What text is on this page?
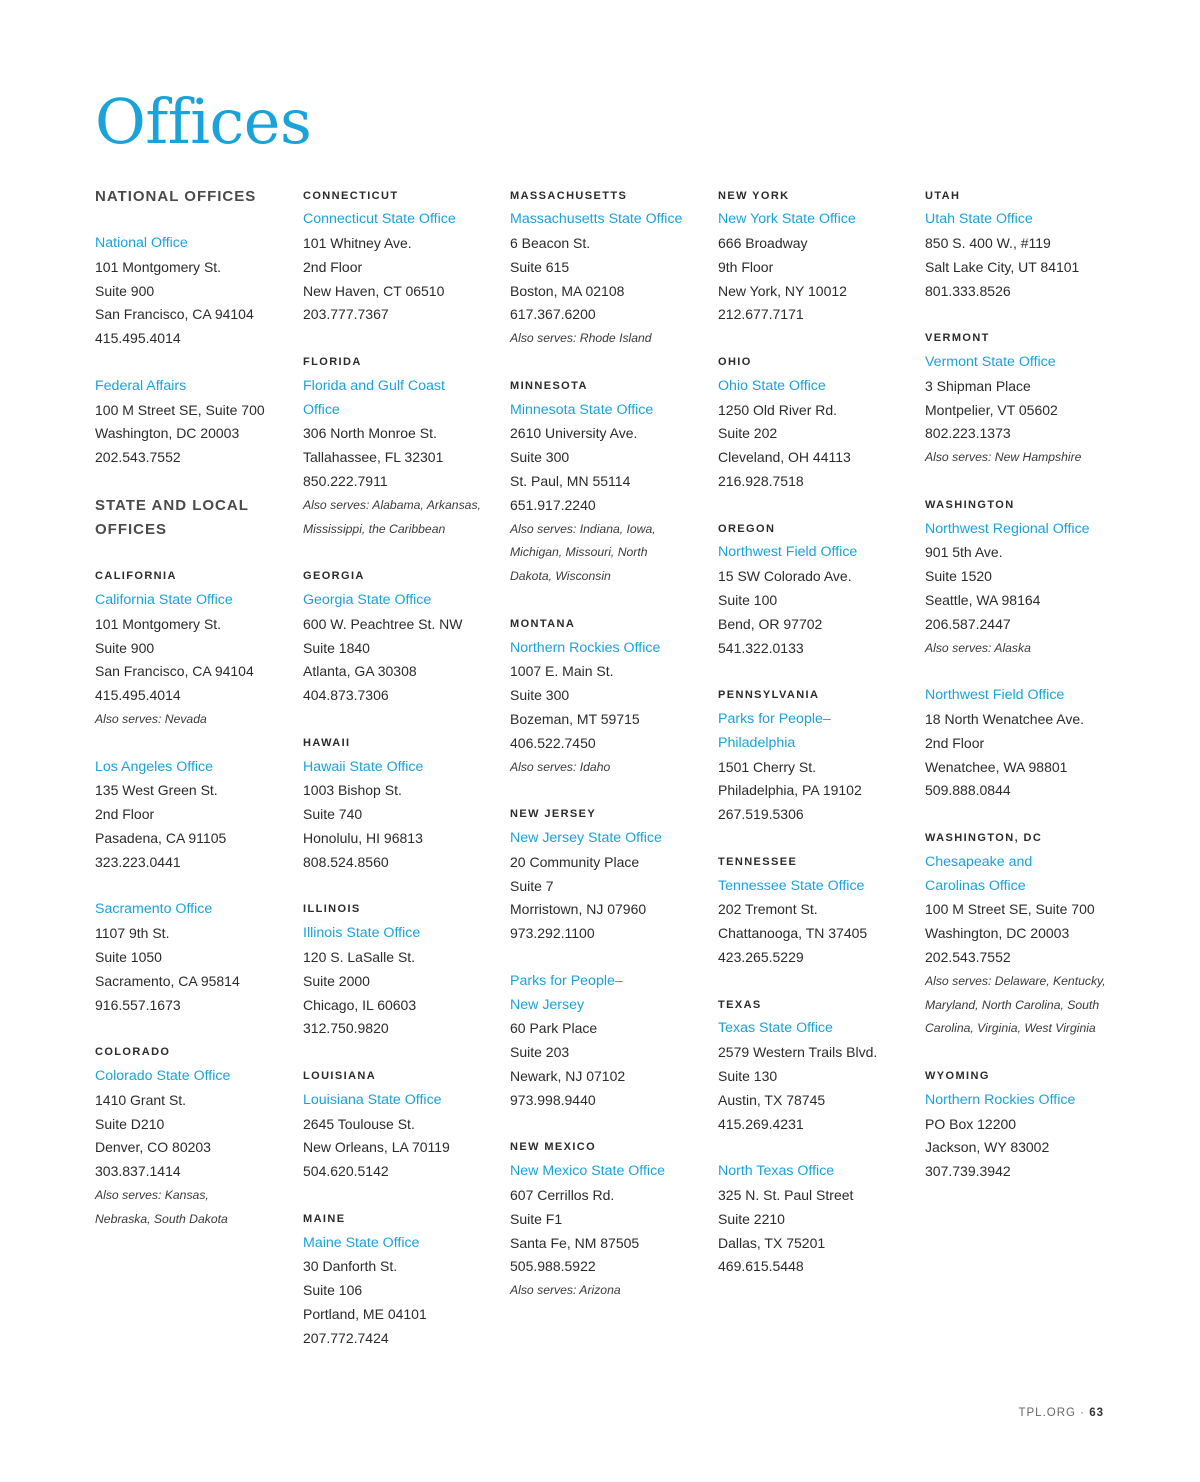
Offices
NATIONAL OFFICES
National Office
101 Montgomery St.
Suite 900
San Francisco, CA 94104
415.495.4014
Federal Affairs
100 M Street SE, Suite 700
Washington, DC 20003
202.543.7552
STATE AND LOCAL
OFFICES
CALIFORNIA
California State Office
101 Montgomery St.
Suite 900
San Francisco, CA 94104
415.495.4014
Also serves: Nevada
Los Angeles Office
135 West Green St.
2nd Floor
Pasadena, CA 91105
323.223.0441
Sacramento Office
1107 9th St.
Suite 1050
Sacramento, CA 95814
916.557.1673
COLORADO
Colorado State Office
1410 Grant St.
Suite D210
Denver, CO 80203
303.837.1414
Also serves: Kansas,
Nebraska, South Dakota
CONNECTICUT
Connecticut State Office
101 Whitney Ave.
2nd Floor
New Haven, CT 06510
203.777.7367
FLORIDA
Florida and Gulf Coast
Office
306 North Monroe St.
Tallahassee, FL 32301
850.222.7911
Also serves: Alabama, Arkansas,
Mississippi, the Caribbean
GEORGIA
Georgia State Office
600 W. Peachtree St. NW
Suite 1840
Atlanta, GA 30308
404.873.7306
HAWAII
Hawaii State Office
1003 Bishop St.
Suite 740
Honolulu, HI 96813
808.524.8560
ILLINOIS
Illinois State Office
120 S. LaSalle St.
Suite 2000
Chicago, IL 60603
312.750.9820
LOUISIANA
Louisiana State Office
2645 Toulouse St.
New Orleans, LA 70119
504.620.5142
MAINE
Maine State Office
30 Danforth St.
Suite 106
Portland, ME 04101
207.772.7424
MASSACHUSETTS
Massachusetts State Office
6 Beacon St.
Suite 615
Boston, MA 02108
617.367.6200
Also serves: Rhode Island
MINNESOTA
Minnesota State Office
2610 University Ave.
Suite 300
St. Paul, MN 55114
651.917.2240
Also serves: Indiana, Iowa,
Michigan, Missouri, North
Dakota, Wisconsin
MONTANA
Northern Rockies Office
1007 E. Main St.
Suite 300
Bozeman, MT 59715
406.522.7450
Also serves: Idaho
NEW JERSEY
New Jersey State Office
20 Community Place
Suite 7
Morristown, NJ 07960
973.292.1100
Parks for People–
New Jersey
60 Park Place
Suite 203
Newark, NJ 07102
973.998.9440
NEW MEXICO
New Mexico State Office
607 Cerrillos Rd.
Suite F1
Santa Fe, NM 87505
505.988.5922
Also serves: Arizona
NEW YORK
New York State Office
666 Broadway
9th Floor
New York, NY 10012
212.677.7171
OHIO
Ohio State Office
1250 Old River Rd.
Suite 202
Cleveland, OH 44113
216.928.7518
OREGON
Northwest Field Office
15 SW Colorado Ave.
Suite 100
Bend, OR 97702
541.322.0133
PENNSYLVANIA
Parks for People–
Philadelphia
1501 Cherry St.
Philadelphia, PA 19102
267.519.5306
TENNESSEE
Tennessee State Office
202 Tremont St.
Chattanooga, TN 37405
423.265.5229
TEXAS
Texas State Office
2579 Western Trails Blvd.
Suite 130
Austin, TX 78745
415.269.4231
North Texas Office
325 N. St. Paul Street
Suite 2210
Dallas, TX 75201
469.615.5448
UTAH
Utah State Office
850 S. 400 W., #119
Salt Lake City, UT 84101
801.333.8526
VERMONT
Vermont State Office
3 Shipman Place
Montpelier, VT 05602
802.223.1373
Also serves: New Hampshire
WASHINGTON
Northwest Regional Office
901 5th Ave.
Suite 1520
Seattle, WA 98164
206.587.2447
Also serves: Alaska
Northwest Field Office
18 North Wenatchee Ave.
2nd Floor
Wenatchee, WA 98801
509.888.0844
WASHINGTON, DC
Chesapeake and
Carolinas Office
100 M Street SE, Suite 700
Washington, DC 20003
202.543.7552
Also serves: Delaware, Kentucky,
Maryland, North Carolina, South
Carolina, Virginia, West Virginia
WYOMING
Northern Rockies Office
PO Box 12200
Jackson, WY 83002
307.739.3942
TPL.ORG · 63
